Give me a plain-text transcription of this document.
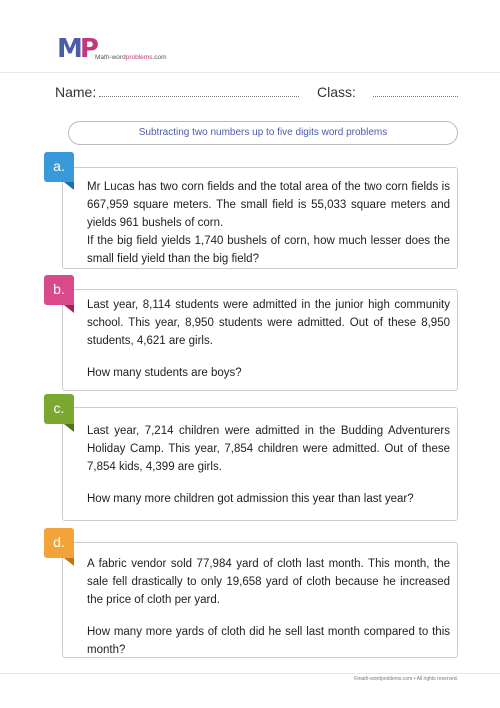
MP Math-wordproblems.com
Name:	Class:
Subtracting two numbers up to five digits word problems
a.

Mr Lucas has two corn fields and the total area of the two corn fields is 667,959 square meters. The small field is 55,033 square meters and yields 961 bushels of corn.

If the big field yields 1,740 bushels of corn, how much lesser does the small field yield than the big field?

b.

Last year, 8,114 students were admitted in the junior high community school. This year, 8,950 students were admitted. Out of these 8,950 students, 4,621 are girls.

How many students are boys?

c.

Last year, 7,214 children were admitted in the Budding Adventurers Holiday Camp. This year, 7,854 children were admitted. Out of these 7,854 kids, 4,399 are girls.

How many more children got admission this year than last year?

d.

A fabric vendor sold 77,984 yard of cloth last month. This month, the sale fell drastically to only 19,658 yard of cloth because he increased the price of cloth per yard.

How many more yards of cloth did he sell last month compared to this month?

©math-wordproblems.com • All rights reserved.
